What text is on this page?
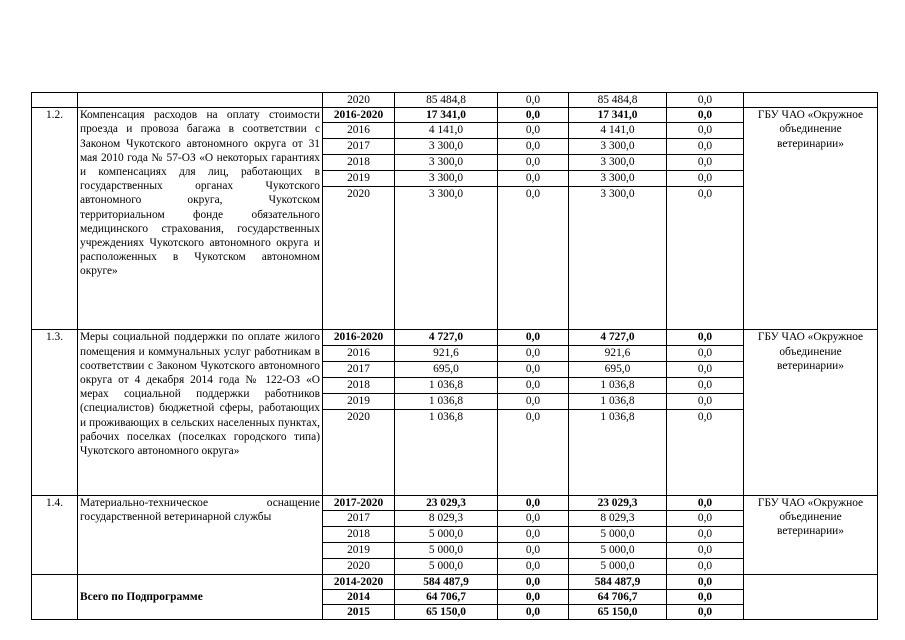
		2020	85 484,8	0,0	85 484,8	0,0	
1.2.	Компенсация расходов на оплату стоимости проезда и провоза багажа в соответствии с Законом Чукотского автономного округа от 31 мая 2010 года № 57-ОЗ «О некоторых гарантиях и компенсациях для лиц, работающих в государственных органах Чукотского автономного округа, Чукотском территориальном фонде обязательного медицинского страхования, государственных учреждениях Чукотского автономного округа и расположенных в Чукотском автономном округе»	2016-2020	17 341,0	0,0	17 341,0	0,0	ГБУ ЧАО «Окружное объединение ветеринарии»
		2016	4 141,0	0,0	4 141,0	0,0	
		2017	3 300,0	0,0	3 300,0	0,0	
		2018	3 300,0	0,0	3 300,0	0,0	
		2019	3 300,0	0,0	3 300,0	0,0	
		2020	3 300,0	0,0	3 300,0	0,0	
1.3.	Меры социальной поддержки по оплате жилого помещения и коммунальных услуг работникам в соответствии с Законом Чукотского автономного округа от 4 декабря 2014 года № 122-ОЗ «О мерах социальной поддержки работников (специалистов) бюджетной сферы, работающих и проживающих в сельских населенных пунктах, рабочих поселках (поселках городского типа) Чукотского автономного округа»	2016-2020	4 727,0	0,0	4 727,0	0,0	ГБУ ЧАО «Окружное объединение ветеринарии»
		2016	921,6	0,0	921,6	0,0	
		2017	695,0	0,0	695,0	0,0	
		2018	1 036,8	0,0	1 036,8	0,0	
		2019	1 036,8	0,0	1 036,8	0,0	
		2020	1 036,8	0,0	1 036,8	0,0	
1.4.	Материально-техническое оснащение государственной ветеринарной службы	2017-2020	23 029,3	0,0	23 029,3	0,0	ГБУ ЧАО «Окружное объединение ветеринарии»
		2017	8 029,3	0,0	8 029,3	0,0	
		2018	5 000,0	0,0	5 000,0	0,0	
		2019	5 000,0	0,0	5 000,0	0,0	
		2020	5 000,0	0,0	5 000,0	0,0	
	Всего по Подпрограмме	2014-2020	584 487,9	0,0	584 487,9	0,0	
		2014	64 706,7	0,0	64 706,7	0,0	
		2015	65 150,0	0,0	65 150,0	0,0	
